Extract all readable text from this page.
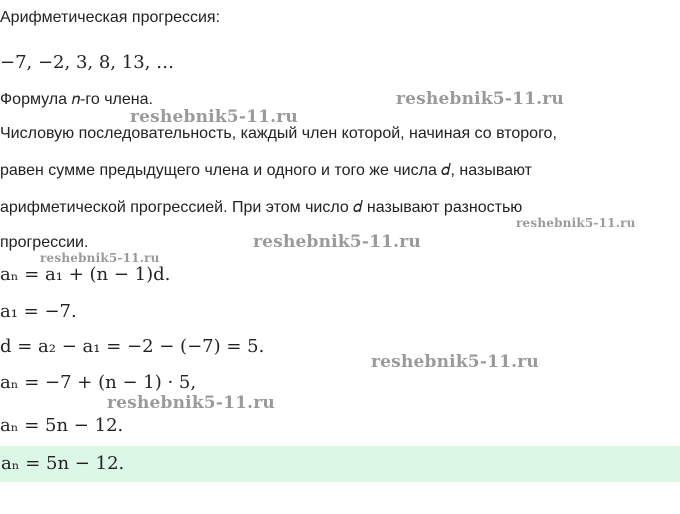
Арифметическая прогрессия:
−7, −2, 3, 8, 13, …
Формула 𝑛-го члена.	reshebnik5-11.ru
reshebnik5-11.ru
Числовую последовательность, каждый член которой, начиная со второго,
равен сумме предыдущего члена и одного и того же числа 𝑑, называют
арифметической прогрессией. При этом число 𝑑 называют разностью
reshebnik5-11.ru
прогрессии.	reshebnik5-11.ru
reshebnik5-11.ru
aₙ = a₁ + (n − 1)d.
a₁ = −7.
d = a₂ − a₁ = −2 − (−7) = 5.
reshebnik5-11.ru
aₙ = −7 + (n − 1) · 5,
reshebnik5-11.ru
aₙ = 5n − 12.
aₙ = 5n − 12.
